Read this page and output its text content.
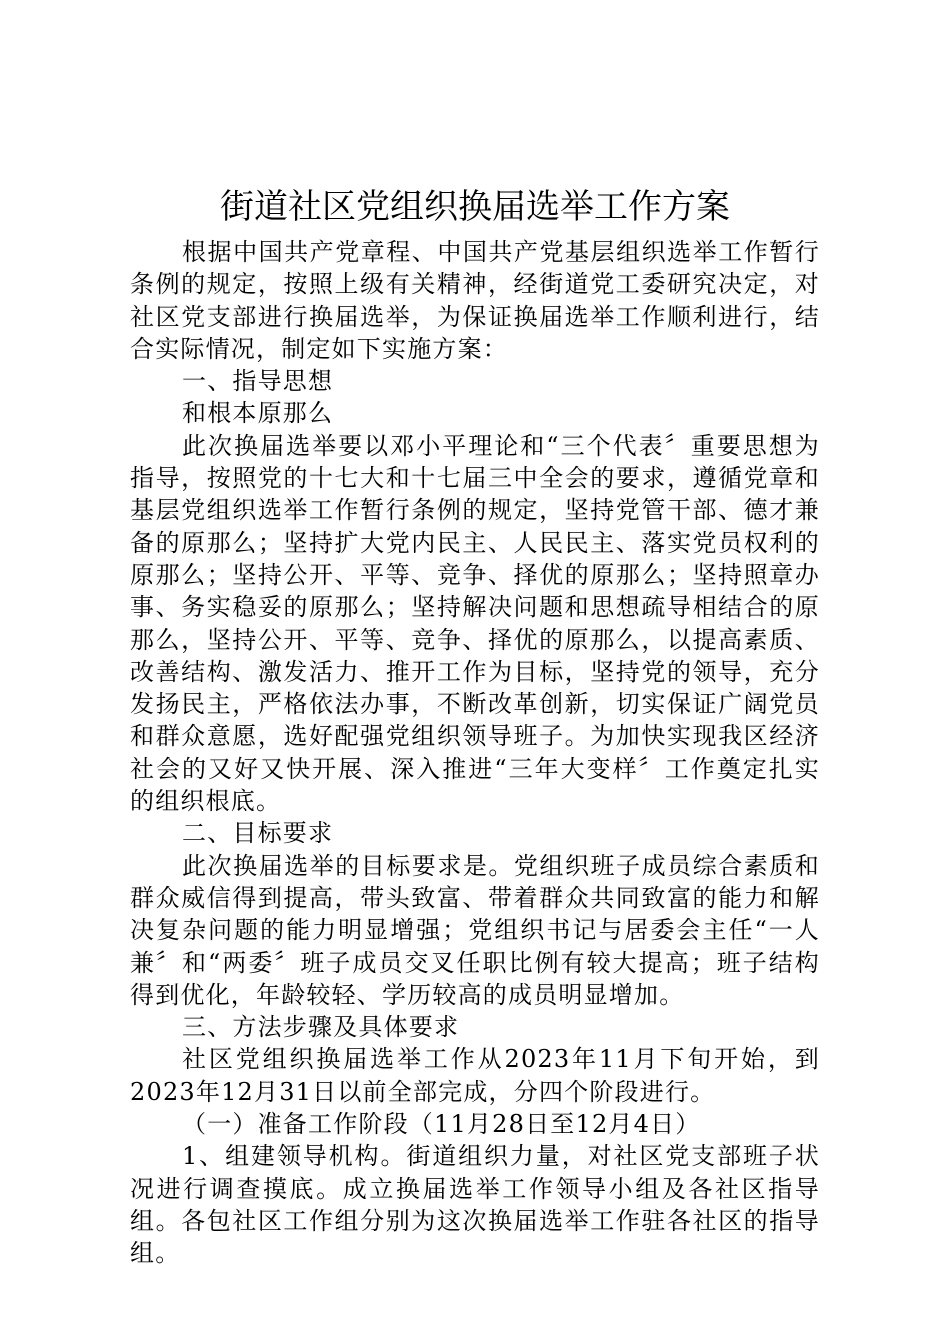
街道社区党组织换届选举工作方案

根据中国共产党章程、中国共产党基层组织选举工作暂行条例的规定，按照上级有关精神，经街道党工委研究决定，对社区党支部进行换届选举，为保证换届选举工作顺利进行，结合实际情况，制定如下实施方案：

一、指导思想

和根本原那么

此次换届选举要以邓小平理论和“三个代表〞重要思想为指导，按照党的十七大和十七届三中全会的要求，遵循党章和基层党组织选举工作暂行条例的规定，坚持党管干部、德才兼备的原那么；坚持扩大党内民主、人民民主、落实党员权利的原那么；坚持公开、平等、竞争、择优的原那么；坚持照章办事、务实稳妥的原那么；坚持解决问题和思想疏导相结合的原那么，坚持公开、平等、竞争、择优的原那么，以提高素质、改善结构、激发活力、推开工作为目标，坚持党的领导，充分发扬民主，严格依法办事，不断改革创新，切实保证广阔党员和群众意愿，选好配强党组织领导班子。为加快实现我区经济社会的又好又快开展、深入推进“三年大变样〞工作奠定扎实的组织根底。

二、目标要求

此次换届选举的目标要求是。党组织班子成员综合素质和群众威信得到提高，带头致富、带着群众共同致富的能力和解决复杂问题的能力明显增强；党组织书记与居委会主任“一人兼〞和“两委〞班子成员交叉任职比例有较大提高；班子结构得到优化，年龄较轻、学历较高的成员明显增加。

三、方法步骤及具体要求

社区党组织换届选举工作从2023年11月下旬开始，到2023年12月31日以前全部完成，分四个阶段进行。

（一）准备工作阶段（11月28日至12月4日）

1、组建领导机构。街道组织力量，对社区党支部班子状况进行调查摸底。成立换届选举工作领导小组及各社区指导组。各包社区工作组分别为这次换届选举工作驻各社区的指导组。
